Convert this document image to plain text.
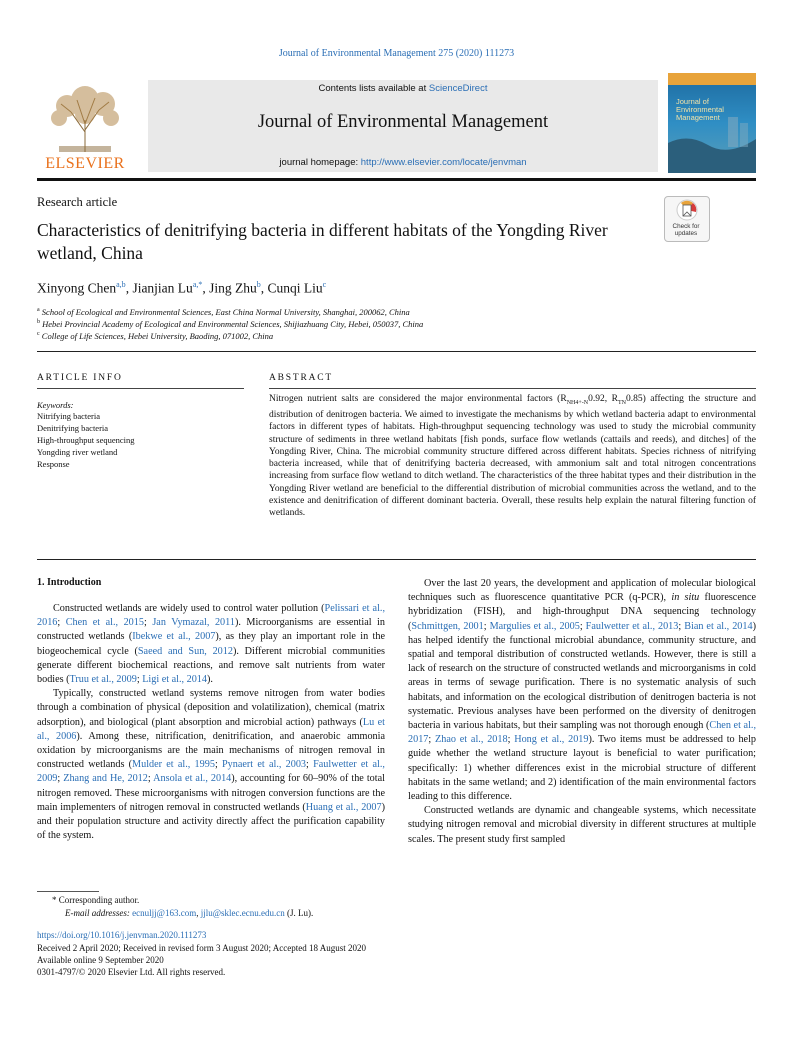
Journal of Environmental Management 275 (2020) 111273
ELSEVIER
Contents lists available at ScienceDirect
Journal of Environmental Management
journal homepage: http://www.elsevier.com/locate/jenvman
Journal of Environmental Management
Research article
Characteristics of denitrifying bacteria in different habitats of the Yongding River wetland, China
Check for updates
Xinyong Chen$^{a,b}$, Jianjian $Lu^{a,*}$, Jing Zhu$^b$, Cunqi Liu$^c$
$^a$ School of Ecological and Environmental Sciences, East China Normal University, Shanghai, 200062, China
$^b$ Hebei Provincial Academy of Ecological and Environmental Sciences, Shijiazhuang City, Hebei, 050037, China
$^c$ College of Life Sciences, Hebei University, Baoding, 071002, China
ARTICLE INFO
Keywords:
Nitrifying bacteria
Denitrifying bacteria
High-throughput sequencing
Yongding river wetland
Response
ABSTRACT
Nitrogen nutrient salts are considered the major environmental factors ($R_{NH4+-N}0.92$, $R_{TN}0.85$) affecting the structure and distribution of denitrogen bacteria. We aimed to investigate the mechanisms by which wetland bacteria adapt to environmental factors in different types of habitats. High-throughput sequencing technology was used to study the microbial community structure of sediments in three wetland habitats [fish ponds, surface flow wetlands (cattails and reeds), and ditches] of the Yongding River, China. The microbial community structure differed across different habitats. Species richness of nitrifying bacteria increased, while that of denitrifying bacteria decreased, with ammonium salt and total nitrogen concentrations increasing from surface flow wetland to ditch wetland. The characteristics of the three habitat types and their distribution in the Yongding River wetland are beneficial to the differential distribution of microbial communities across the wetland, and to the existence and denitrification of different dominant bacteria. Overall, these results help explain the natural filtering function of wetlands.
1. Introduction

Constructed wetlands are widely used to control water pollution (Pelissari et al., 2016; Chen et al., 2015; Jan Vymazal, 2011). Microorganisms are essential in constructed wetlands (Ibekwe et al., 2007), as they play an important role in the biogeochemical cycle (Saeed and Sun, 2012). Different microbial communities generate different biochemical reactions, and remove salt nutrients from water bodies (Truu et al., 2009; Ligi et al., 2014).

Typically, constructed wetland systems remove nitrogen from water bodies through a combination of physical (deposition and volatilization), chemical (matrix adsorption), and biological (plant absorption and microbial action) pathways (Lu et al., 2006). Among these, nitrification, denitrification, and anaerobic ammonia oxidation by microorganisms are the main mechanisms of nitrogen removal in constructed wetlands (Mulder et al., 1995; Pynaert et al., 2003; Faulwetter et al., 2009; Zhang and He, 2012; Ansola et al., 2014), accounting for 60–90% of the total nitrogen removed. These microorganisms with nitrogen conversion functions are the main implementers of nitrogen removal in constructed wetlands (Huang et al., 2007) and their population structure and activity directly affect the purification capability of the system.

Over the last 20 years, the development and application of molecular biological techniques such as fluorescence quantitative PCR (q-PCR), in situ fluorescence hybridization (FISH), and high-throughput DNA sequencing technology (Schmittgen, 2001; Margulies et al., 2005; Faulwetter et al., 2013; Bian et al., 2014) has helped identify the functional microbial abundance, community structure, and spatial and temporal distribution of constructed wetlands. However, there is still a lack of research on the structure of constructed wetlands and microorganisms in cold areas in terms of sewage purification. There is no systematic analysis of such habitats, and information on the ecological distribution of denitrogen bacteria is not systematic. Previous analyses have been performed on the diversity of denitrogen bacteria in various habitats, but their sampling was not thorough enough (Chen et al., 2017; Zhao et al., 2018; Hong et al., 2019). Two items must be addressed to help guide whether the wetland structure layout is beneficial to water purification; specifically: 1) whether differences exist in the microbial structure of different habitats in the same wetland; and 2) identification of the main environmental factors leading to this difference.

Constructed wetlands are dynamic and changeable systems, which necessitate studying nitrogen removal and microbial diversity in different structures at multiple scales. The present study first sampled

* Corresponding author.
E-mail addresses: ecnuljj@163.com, jjlu@sklec.ecnu.edu.cn (J. Lu).
https://doi.org/10.1016/j.jenvman.2020.111273
Received 2 April 2020; Received in revised form 3 August 2020; Accepted 18 August 2020
Available online 9 September 2020
0301-4797/© 2020 Elsevier Ltd. All rights reserved.
